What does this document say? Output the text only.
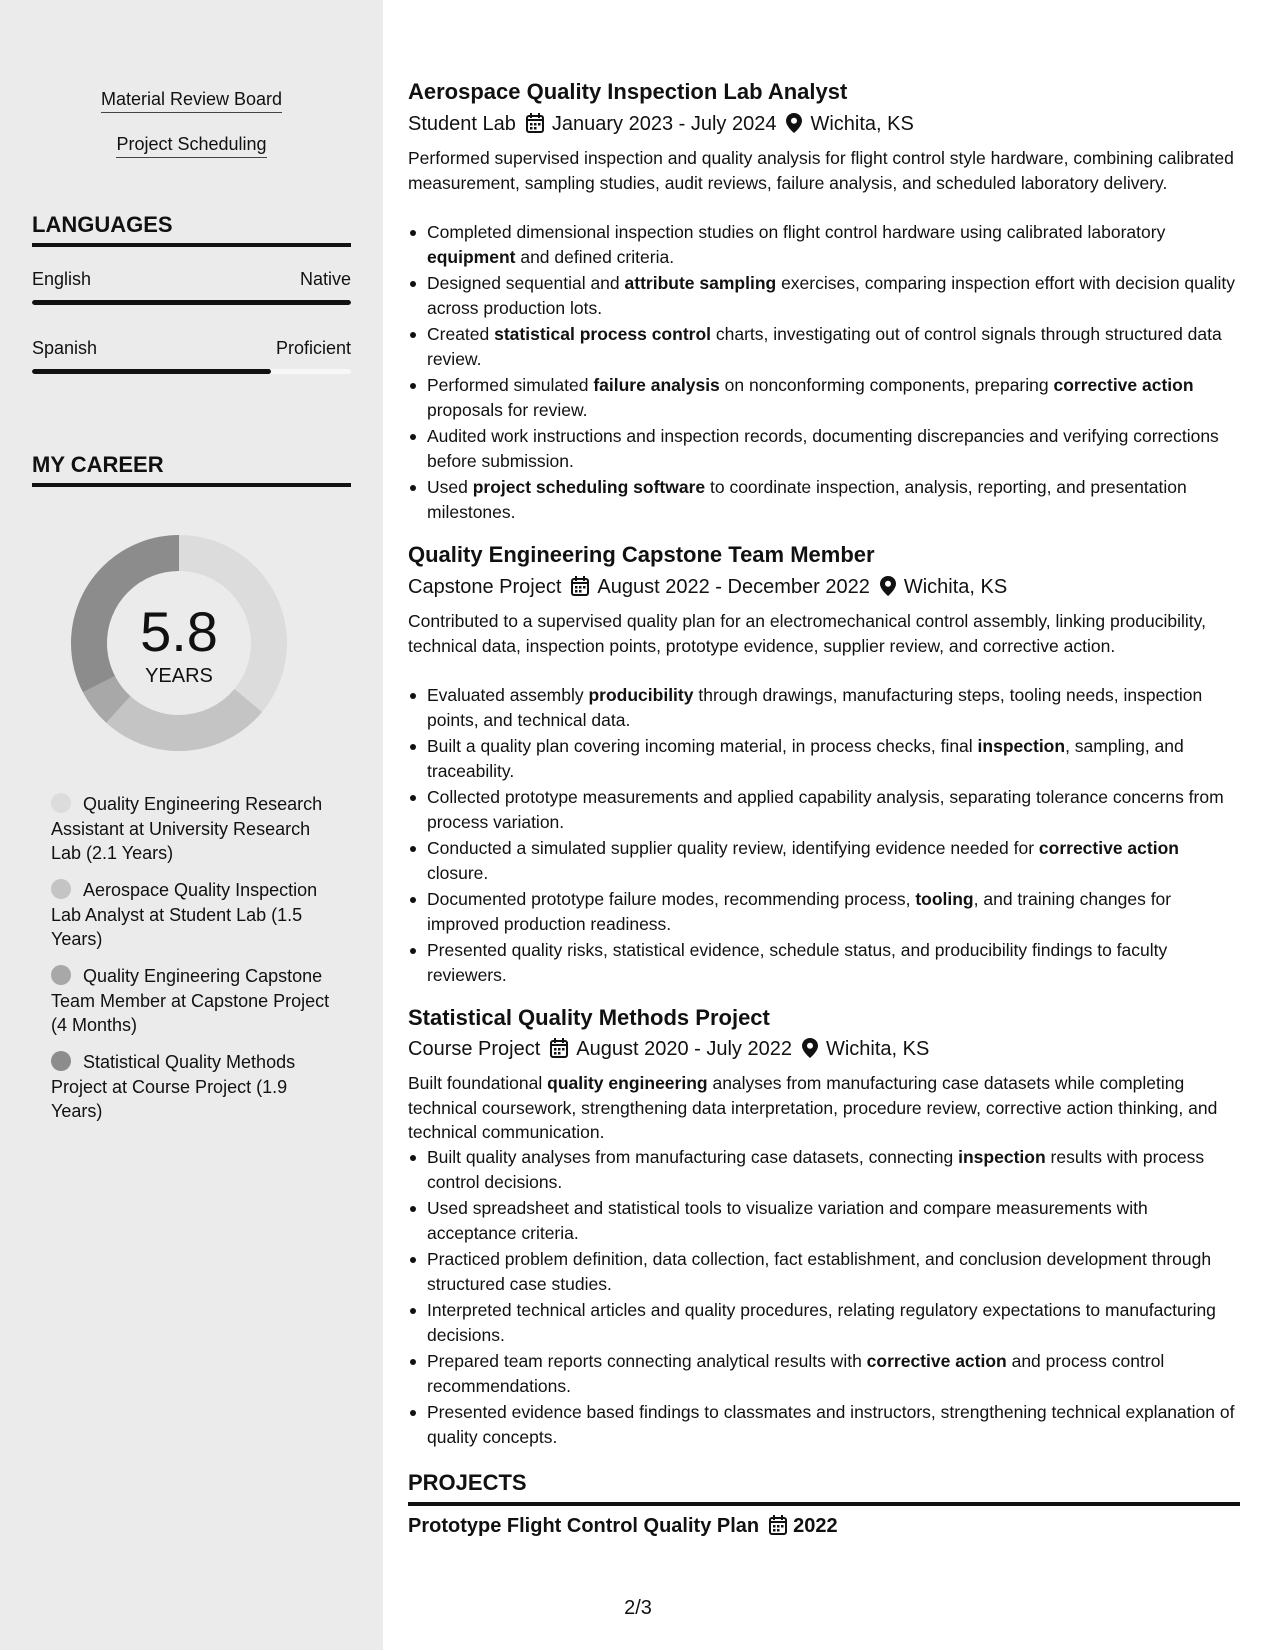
Material Review Board
Project Scheduling
LANGUAGES
English	Native
Spanish	Proficient
MY CAREER
5.8
YEARS
Quality Engineering Research Assistant at University Research Lab (2.1 Years)
Aerospace Quality Inspection Lab Analyst at Student Lab (1.5 Years)
Quality Engineering Capstone Team Member at Capstone Project (4 Months)
Statistical Quality Methods Project at Course Project (1.9 Years)
Aerospace Quality Inspection Lab Analyst
Student Lab January 2023 - July 2024 Wichita, KS
Performed supervised inspection and quality analysis for flight control style hardware, combining calibrated measurement, sampling studies, audit reviews, failure analysis, and scheduled laboratory delivery.
Completed dimensional inspection studies on flight control hardware using calibrated laboratory equipment and defined criteria.
Designed sequential and attribute sampling exercises, comparing inspection effort with decision quality across production lots.
Created statistical process control charts, investigating out of control signals through structured data review.
Performed simulated failure analysis on nonconforming components, preparing corrective action proposals for review.
Audited work instructions and inspection records, documenting discrepancies and verifying corrections before submission.
Used project scheduling software to coordinate inspection, analysis, reporting, and presentation milestones.
Quality Engineering Capstone Team Member
Capstone Project August 2022 - December 2022 Wichita, KS
Contributed to a supervised quality plan for an electromechanical control assembly, linking producibility, technical data, inspection points, prototype evidence, supplier review, and corrective action.
Evaluated assembly producibility through drawings, manufacturing steps, tooling needs, inspection points, and technical data.
Built a quality plan covering incoming material, in process checks, final inspection, sampling, and traceability.
Collected prototype measurements and applied capability analysis, separating tolerance concerns from process variation.
Conducted a simulated supplier quality review, identifying evidence needed for corrective action closure.
Documented prototype failure modes, recommending process, tooling, and training changes for improved production readiness.
Presented quality risks, statistical evidence, schedule status, and producibility findings to faculty reviewers.
Statistical Quality Methods Project
Course Project August 2020 - July 2022 Wichita, KS
Built foundational quality engineering analyses from manufacturing case datasets while completing technical coursework, strengthening data interpretation, procedure review, corrective action thinking, and technical communication.
Built quality analyses from manufacturing case datasets, connecting inspection results with process control decisions.
Used spreadsheet and statistical tools to visualize variation and compare measurements with acceptance criteria.
Practiced problem definition, data collection, fact establishment, and conclusion development through structured case studies.
Interpreted technical articles and quality procedures, relating regulatory expectations to manufacturing decisions.
Prepared team reports connecting analytical results with corrective action and process control recommendations.
Presented evidence based findings to classmates and instructors, strengthening technical explanation of quality concepts.
PROJECTS
Prototype Flight Control Quality Plan 2022
2/3
